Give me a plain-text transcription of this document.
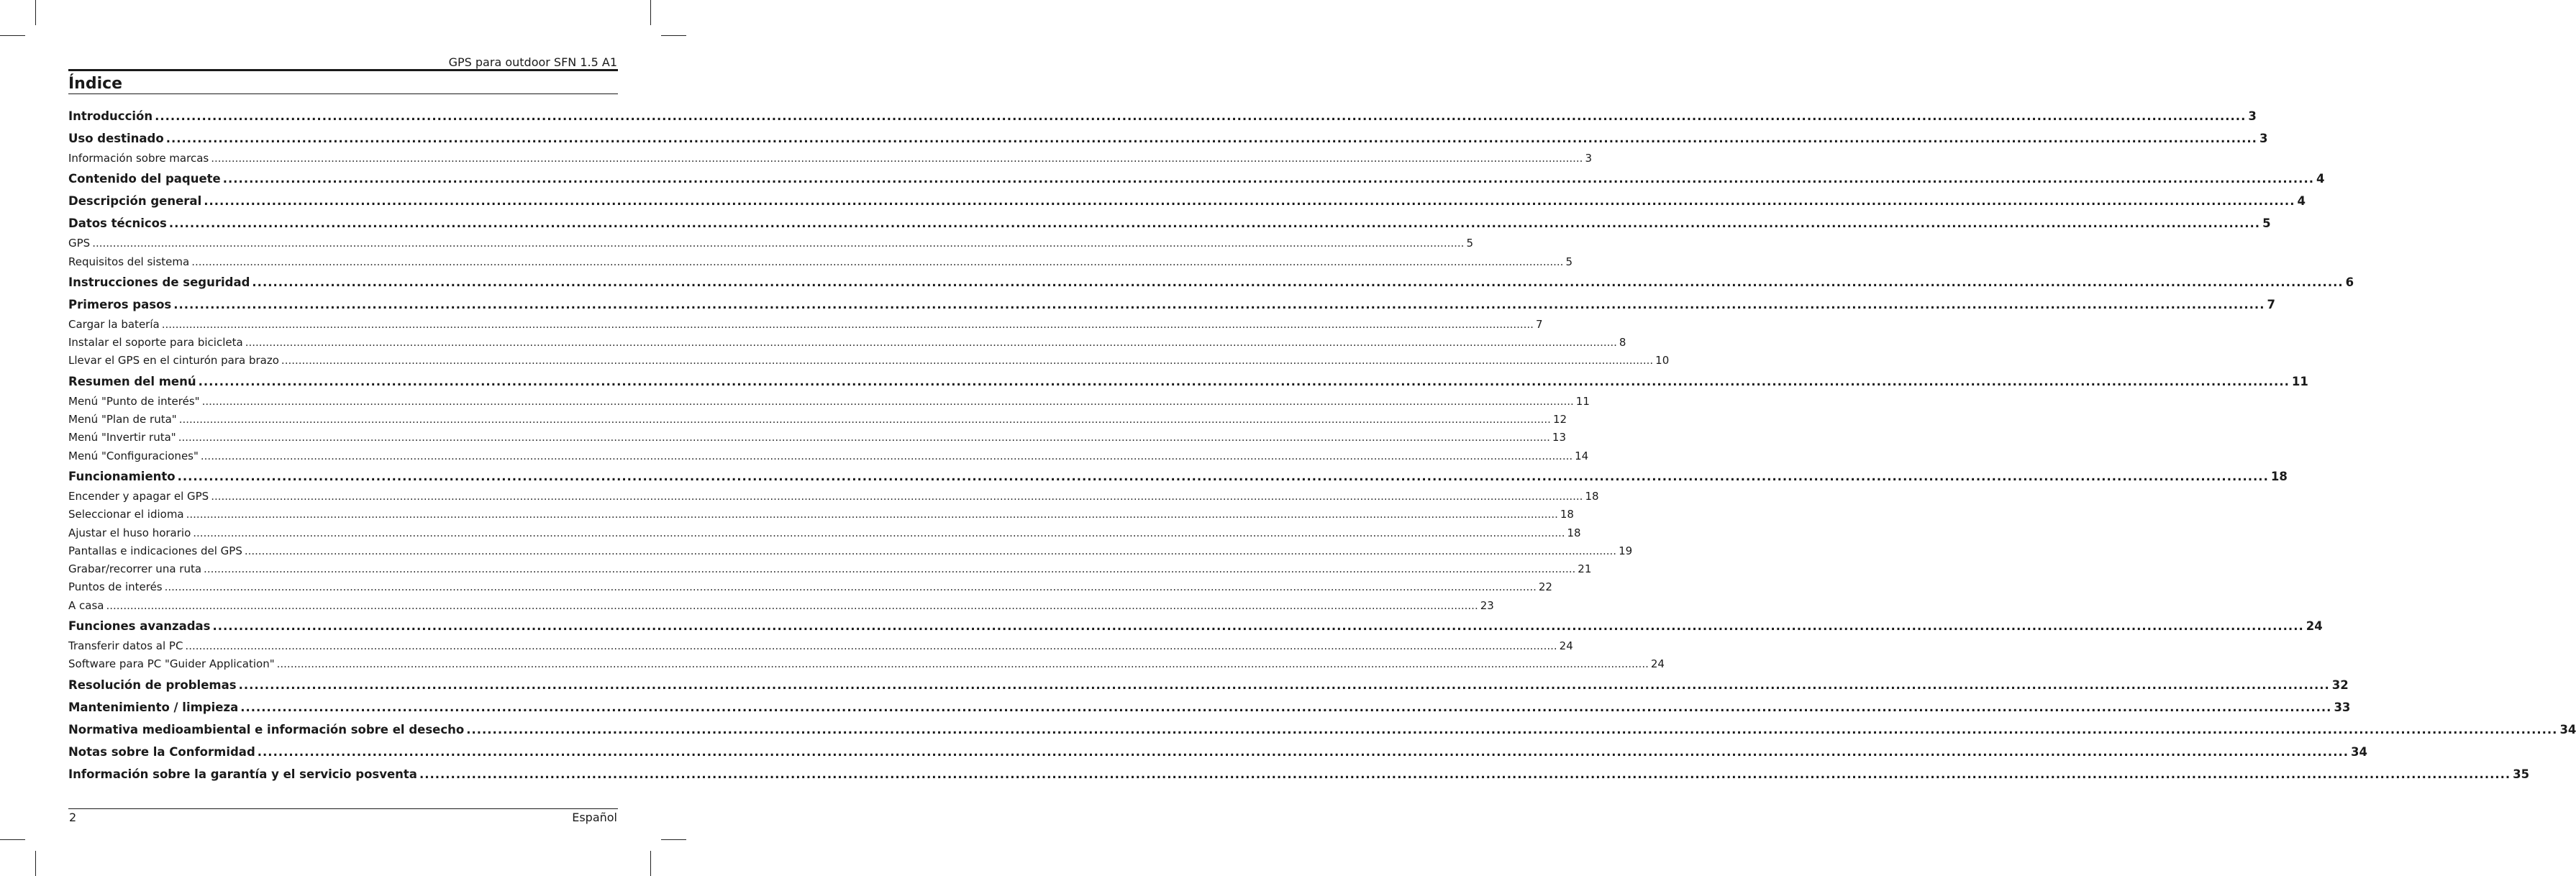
GPS para outdoor SFN 1.5 A1
Índice
Introducción ................................................................................................................................................................................................................................................................................................................................................................................................................ 3
Uso destinado ................................................................................................................................................................................................................................................................................................................................................................................................................ 3
Información sobre marcas ................................................................................................................................................................................................................................................................................................................................................................................................................ 3
Contenido del paquete ................................................................................................................................................................................................................................................................................................................................................................................................................ 4
Descripción general ................................................................................................................................................................................................................................................................................................................................................................................................................ 4
Datos técnicos ................................................................................................................................................................................................................................................................................................................................................................................................................ 5
GPS ................................................................................................................................................................................................................................................................................................................................................................................................................ 5
Requisitos del sistema ................................................................................................................................................................................................................................................................................................................................................................................................................ 5
Instrucciones de seguridad ................................................................................................................................................................................................................................................................................................................................................................................................................ 6
Primeros pasos ................................................................................................................................................................................................................................................................................................................................................................................................................ 7
Cargar la batería ................................................................................................................................................................................................................................................................................................................................................................................................................ 7
Instalar el soporte para bicicleta ................................................................................................................................................................................................................................................................................................................................................................................................................ 8
Llevar el GPS en el cinturón para brazo ................................................................................................................................................................................................................................................................................................................................................................................................................ 10
Resumen del menú ................................................................................................................................................................................................................................................................................................................................................................................................................ 11
Menú "Punto de interés" ................................................................................................................................................................................................................................................................................................................................................................................................................ 11
Menú "Plan de ruta" ................................................................................................................................................................................................................................................................................................................................................................................................................ 12
Menú "Invertir ruta" ................................................................................................................................................................................................................................................................................................................................................................................................................ 13
Menú "Configuraciones" ................................................................................................................................................................................................................................................................................................................................................................................................................ 14
Funcionamiento ................................................................................................................................................................................................................................................................................................................................................................................................................ 18
Encender y apagar el GPS ................................................................................................................................................................................................................................................................................................................................................................................................................ 18
Seleccionar el idioma ................................................................................................................................................................................................................................................................................................................................................................................................................ 18
Ajustar el huso horario ................................................................................................................................................................................................................................................................................................................................................................................................................ 18
Pantallas e indicaciones del GPS ................................................................................................................................................................................................................................................................................................................................................................................................................ 19
Grabar/recorrer una ruta ................................................................................................................................................................................................................................................................................................................................................................................................................ 21
Puntos de interés ................................................................................................................................................................................................................................................................................................................................................................................................................ 22
A casa ................................................................................................................................................................................................................................................................................................................................................................................................................ 23
Funciones avanzadas ................................................................................................................................................................................................................................................................................................................................................................................................................ 24
Transferir datos al PC ................................................................................................................................................................................................................................................................................................................................................................................................................ 24
Software para PC "Guider Application" ................................................................................................................................................................................................................................................................................................................................................................................................................ 24
Resolución de problemas ................................................................................................................................................................................................................................................................................................................................................................................................................ 32
Mantenimiento / limpieza ................................................................................................................................................................................................................................................................................................................................................................................................................ 33
Normativa medioambiental e información sobre el desecho ................................................................................................................................................................................................................................................................................................................................................................................................................ 34
Notas sobre la Conformidad ................................................................................................................................................................................................................................................................................................................................................................................................................ 34
Información sobre la garantía y el servicio posventa ................................................................................................................................................................................................................................................................................................................................................................................................................ 35
2	Español
